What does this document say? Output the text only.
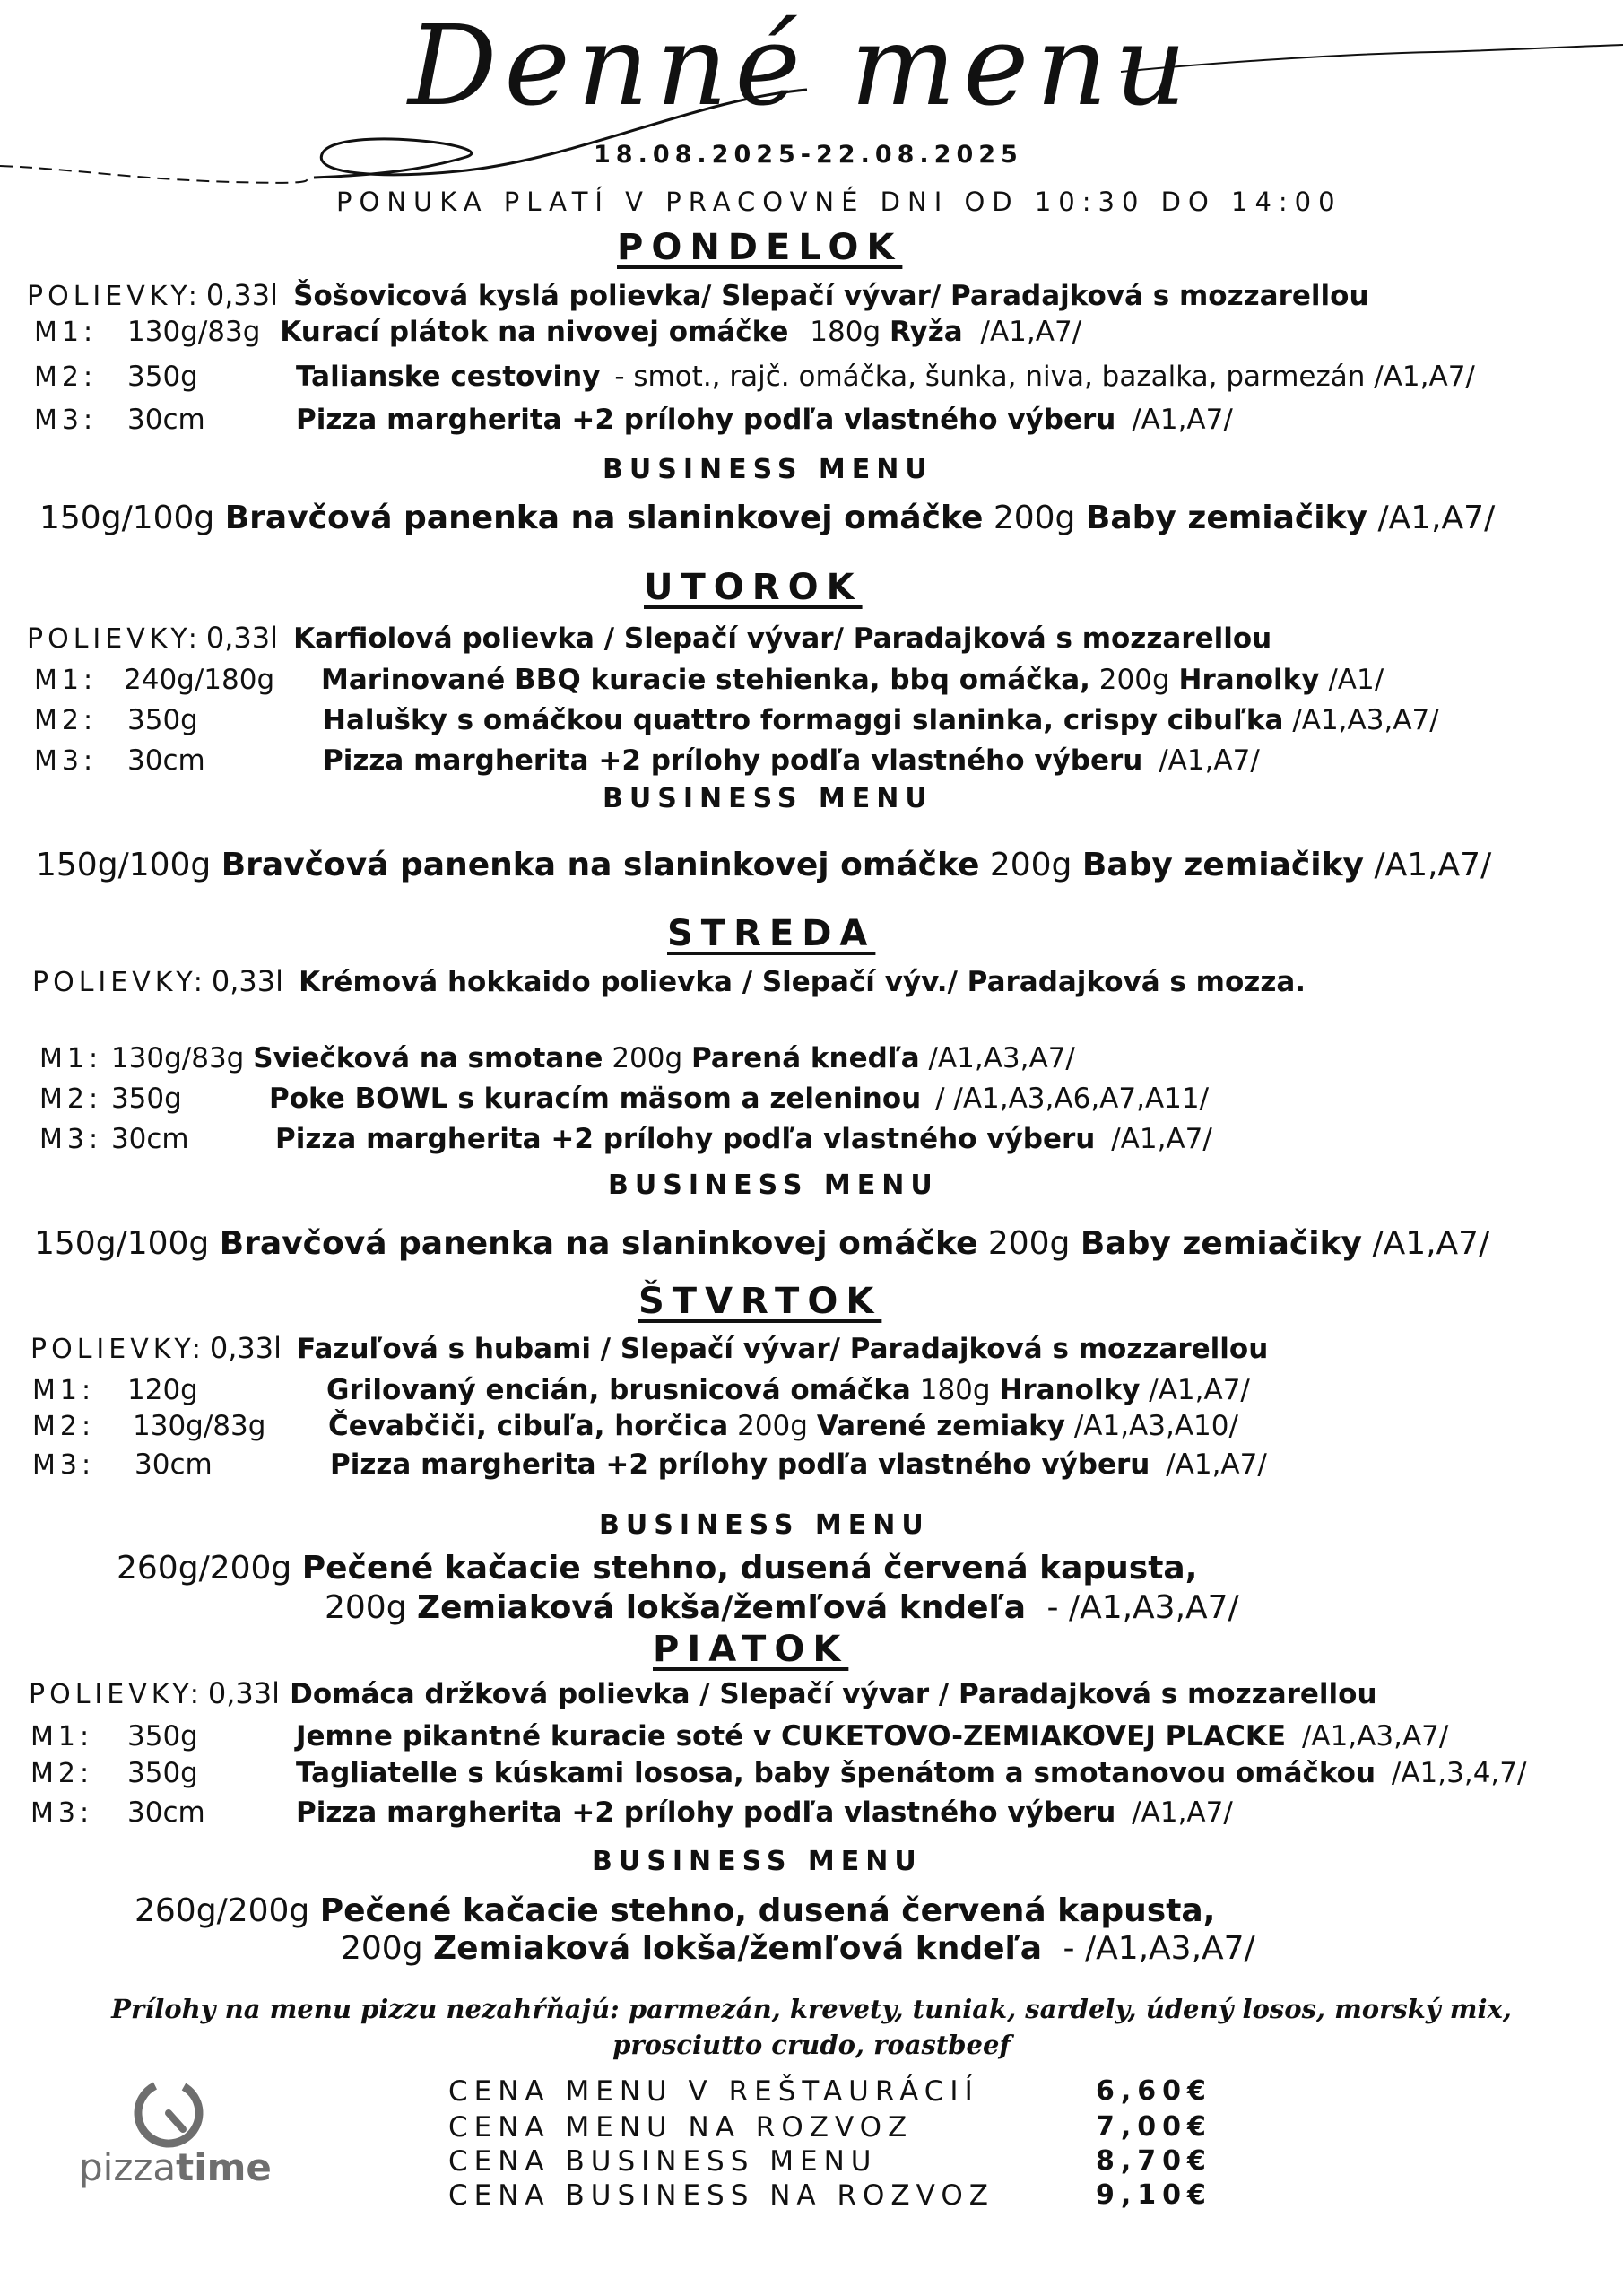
Denné menu
18.08.2025-22.08.2025
PONUKA PLATÍ V PRACOVNÉ DNI OD 10:30 DO 14:00
PONDELOK
POLIEVKY: 0,33l Šošovicová kyslá polievka/ Slepačí vývar/ Paradajková s mozzarellou
M1: 130g/83g Kurací plátok na nivovej omáčke 180g Ryža /A1,A7/
M2: 350g	Talianske cestoviny - smot., rajč. omáčka, šunka, niva, bazalka, parmezán /A1,A7/
M3: 30cm	Pizza margherita +2 prílohy podľa vlastného výberu /A1,A7/
BUSINESS MENU
150g/100g Bravčová panenka na slaninkovej omáčke 200g Baby zemiačiky /A1,A7/
UTOROK
POLIEVKY: 0,33l Karfiolová polievka / Slepačí vývar/ Paradajková s mozzarellou
M1: 240g/180g Marinované BBQ kuracie stehienka, bbq omáčka, 200g Hranolky /A1/
M2: 350g	Halušky s omáčkou quattro formaggi slaninka, crispy cibuľka /A1,A3,A7/
M3: 30cm	Pizza margherita +2 prílohy podľa vlastného výberu /A1,A7/
BUSINESS MENU
150g/100g Bravčová panenka na slaninkovej omáčke 200g Baby zemiačiky /A1,A7/
STREDA
POLIEVKY: 0,33l Krémová hokkaido polievka / Slepačí výv./ Paradajková s mozza.
M1: 130g/83g Sviečková na smotane 200g Parená knedľa /A1,A3,A7/
M2: 350g	Poke BOWL s kuracím mäsom a zeleninou / /A1,A3,A6,A7,A11/
M3: 30cm	Pizza margherita +2 prílohy podľa vlastného výberu /A1,A7/
BUSINESS MENU
150g/100g Bravčová panenka na slaninkovej omáčke 200g Baby zemiačiky /A1,A7/
ŠTVRTOK
POLIEVKY: 0,33l Fazuľová s hubami / Slepačí vývar/ Paradajková s mozzarellou
M1: 120g	Grilovaný encián, brusnicová omáčka 180g Hranolky /A1,A7/
M2: 130g/83g Čevabčiči, cibuľa, horčica 200g Varené zemiaky /A1,A3,A10/
M3: 30cm	Pizza margherita +2 prílohy podľa vlastného výberu /A1,A7/
BUSINESS MENU
260g/200g Pečené kačacie stehno, dusená červená kapusta,
200g Zemiaková lokša/žemľová kndeľa - /A1,A3,A7/
PIATOK
POLIEVKY: 0,33l Domáca držková polievka / Slepačí vývar / Paradajková s mozzarellou
M1: 350g	Jemne pikantné kuracie soté v CUKETOVO-ZEMIAKOVEJ PLACKE /A1,A3,A7/
M2: 350g	Tagliatelle s kúskami lososa, baby špenátom a smotanovou omáčkou /A1,3,4,7/
M3: 30cm	Pizza margherita +2 prílohy podľa vlastného výberu /A1,A7/
BUSINESS MENU
260g/200g Pečené kačacie stehno, dusená červená kapusta,
200g Zemiaková lokša/žemľová kndeľa - /A1,A3,A7/
Prílohy na menu pizzu nezahŕňajú: parmezán, krevety, tuniak, sardely, údený losos, morský mix,
prosciutto crudo, roastbeef
pizzatime
CENA MENU V REŠTAURÁCIÍ	6,60€
CENA MENU NA ROZVOZ	7,00€
CENA BUSINESS MENU	8,70€
CENA BUSINESS NA ROZVOZ	9,10€
